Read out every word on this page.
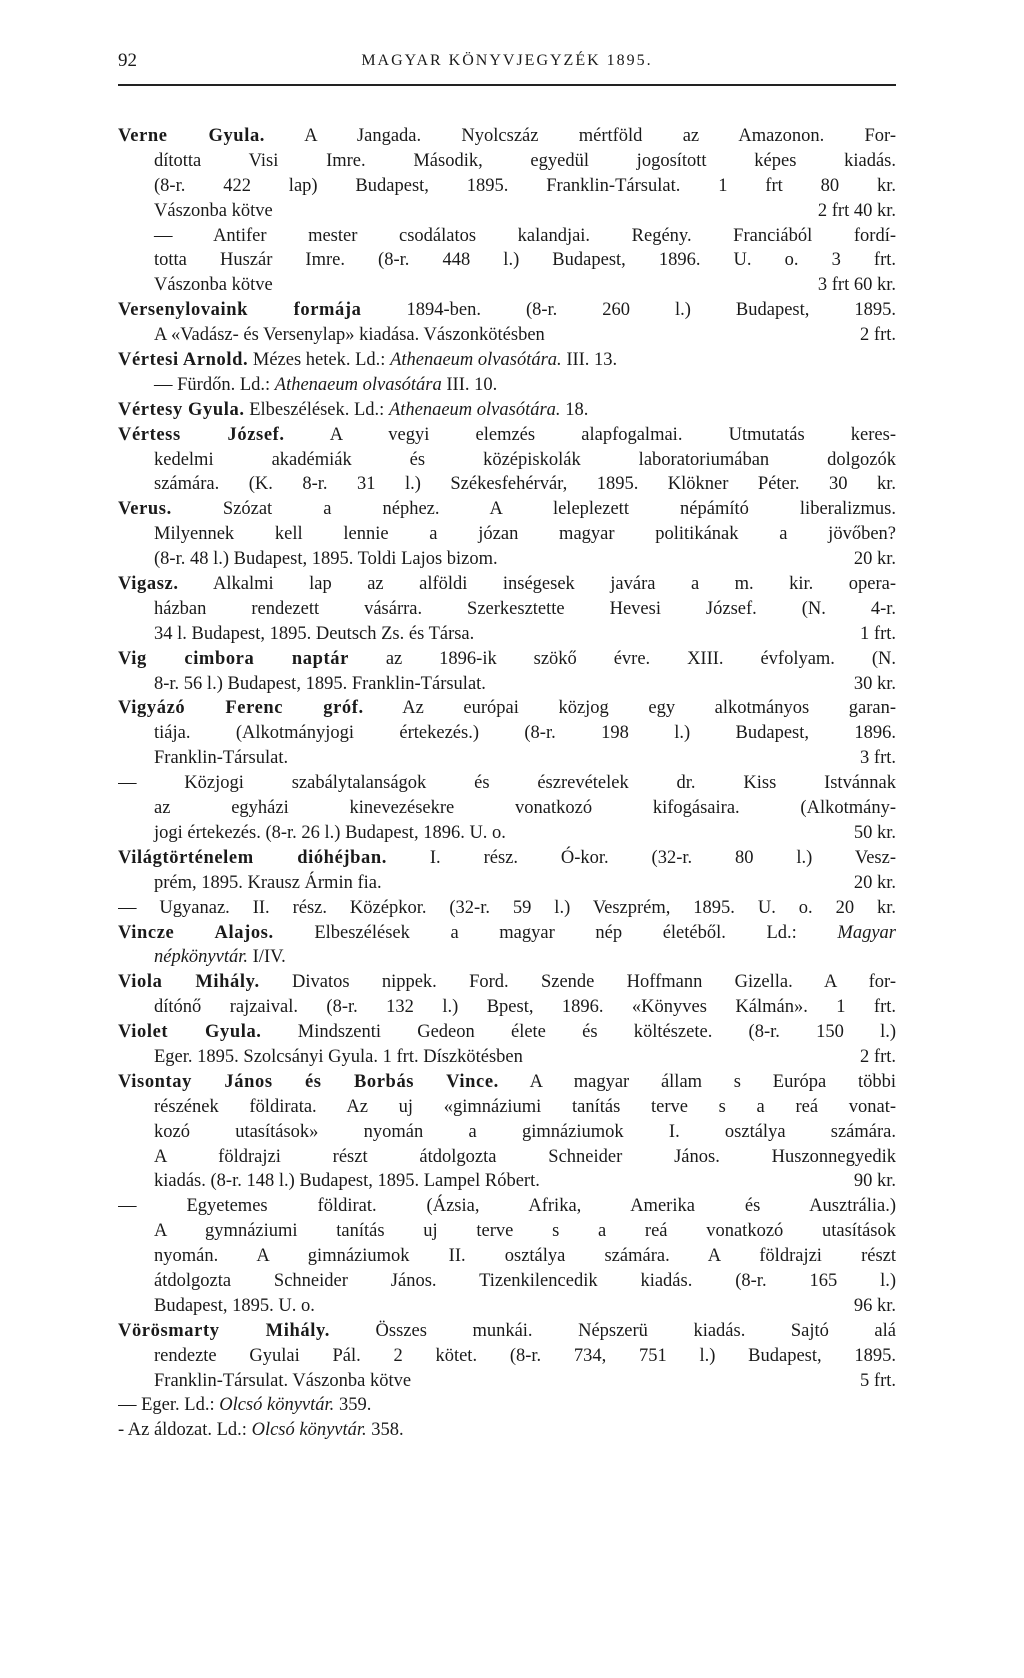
92	MAGYAR KÖNYVJEGYZÉK 1895.
Verne Gyula. A Jangada. Nyolcszáz mértföld az Amazonon. For-
dította Visi Imre. Második, egyedül jogosított képes kiadás.
(8-r. 422 lap) Budapest, 1895. Franklin-Társulat. 1 frt 80 kr.
Vászonba kötve	2 frt 40 kr.
— Antifer mester csodálatos kalandjai. Regény. Franciából fordí-
totta Huszár Imre. (8-r. 448 l.) Budapest, 1896. U. o. 3 frt.
Vászonba kötve	3 frt 60 kr.
Versenylovaink formája 1894-ben. (8-r. 260 l.) Budapest, 1895.
A «Vadász- és Versenylap» kiadása. Vászonkötésben	2 frt.
Vértesi Arnold. Mézes hetek. Ld.: Athenaeum olvasótára. III. 13.
— Fürdőn. Ld.: Athenaeum olvasótára III. 10.
Vértesy Gyula. Elbeszélések. Ld.: Athenaeum olvasótára. 18.
Vértess József. A vegyi elemzés alapfogalmai. Utmutatás keres-
kedelmi akadémiák és középiskolák laboratoriumában dolgozók
számára. (K. 8-r. 31 l.) Székesfehérvár, 1895. Klökner Péter. 30 kr.
Verus. Szózat a néphez. A leleplezett népámító liberalizmus.
Milyennek kell lennie a józan magyar politikának a jövőben?
(8-r. 48 l.) Budapest, 1895. Toldi Lajos bizom.	20 kr.
Vigasz. Alkalmi lap az alföldi inségesek javára a m. kir. opera-
házban rendezett vásárra. Szerkesztette Hevesi József. (N. 4-r.
34 l. Budapest, 1895. Deutsch Zs. és Társa.	1 frt.
Vig cimbora naptár az 1896-ik szökő évre. XIII. évfolyam. (N.
8-r. 56 l.) Budapest, 1895. Franklin-Társulat.	30 kr.
Vigyázó Ferenc gróf. Az európai közjog egy alkotmányos garan-
tiája. (Alkotmányjogi értekezés.) (8-r. 198 l.) Budapest, 1896.
Franklin-Társulat.	3 frt.
— Közjogi szabálytalanságok és észrevételek dr. Kiss Istvánnak
az egyházi kinevezésekre vonatkozó kifogásaira. (Alkotmány-
jogi értekezés. (8-r. 26 l.) Budapest, 1896. U. o.	50 kr.
Világtörténelem dióhéjban. I. rész. Ó-kor. (32-r. 80 l.) Vesz-
prém, 1895. Krausz Ármin fia.	20 kr.
— Ugyanaz. II. rész. Középkor. (32-r. 59 l.) Veszprém, 1895. U. o. 20 kr.
Vincze Alajos. Elbeszélések a magyar nép életéből. Ld.: Magyar
népkönyvtár. I/IV.
Viola Mihály. Divatos nippek. Ford. Szende Hoffmann Gizella. A for-
dítónő rajzaival. (8-r. 132 l.) Bpest, 1896. «Könyves Kálmán». 1 frt.
Violet Gyula. Mindszenti Gedeon élete és költészete. (8-r. 150 l.)
Eger. 1895. Szolcsányi Gyula. 1 frt. Díszkötésben	2 frt.
Visontay János és Borbás Vince. A magyar állam s Európa többi
részének földirata. Az uj «gimnáziumi tanítás terve s a reá vonat-
kozó utasítások» nyomán a gimnáziumok I. osztálya számára.
A földrajzi részt átdolgozta Schneider János. Huszonnegyedik
kiadás. (8-r. 148 l.) Budapest, 1895. Lampel Róbert.	90 kr.
— Egyetemes földirat. (Ázsia, Afrika, Amerika és Ausztrália.)
A gymnáziumi tanítás uj terve s a reá vonatkozó utasítások
nyomán. A gimnáziumok II. osztálya számára. A földrajzi részt
átdolgozta Schneider János. Tizenkilencedik kiadás. (8-r. 165 l.)
Budapest, 1895. U. o.	96 kr.
Vörösmarty Mihály. Összes munkái. Népszerü kiadás. Sajtó alá
rendezte Gyulai Pál. 2 kötet. (8-r. 734, 751 l.) Budapest, 1895.
Franklin-Társulat. Vászonba kötve	5 frt.
— Eger. Ld.: Olcsó könyvtár. 359.
- Az áldozat. Ld.: Olcsó könyvtár. 358.
